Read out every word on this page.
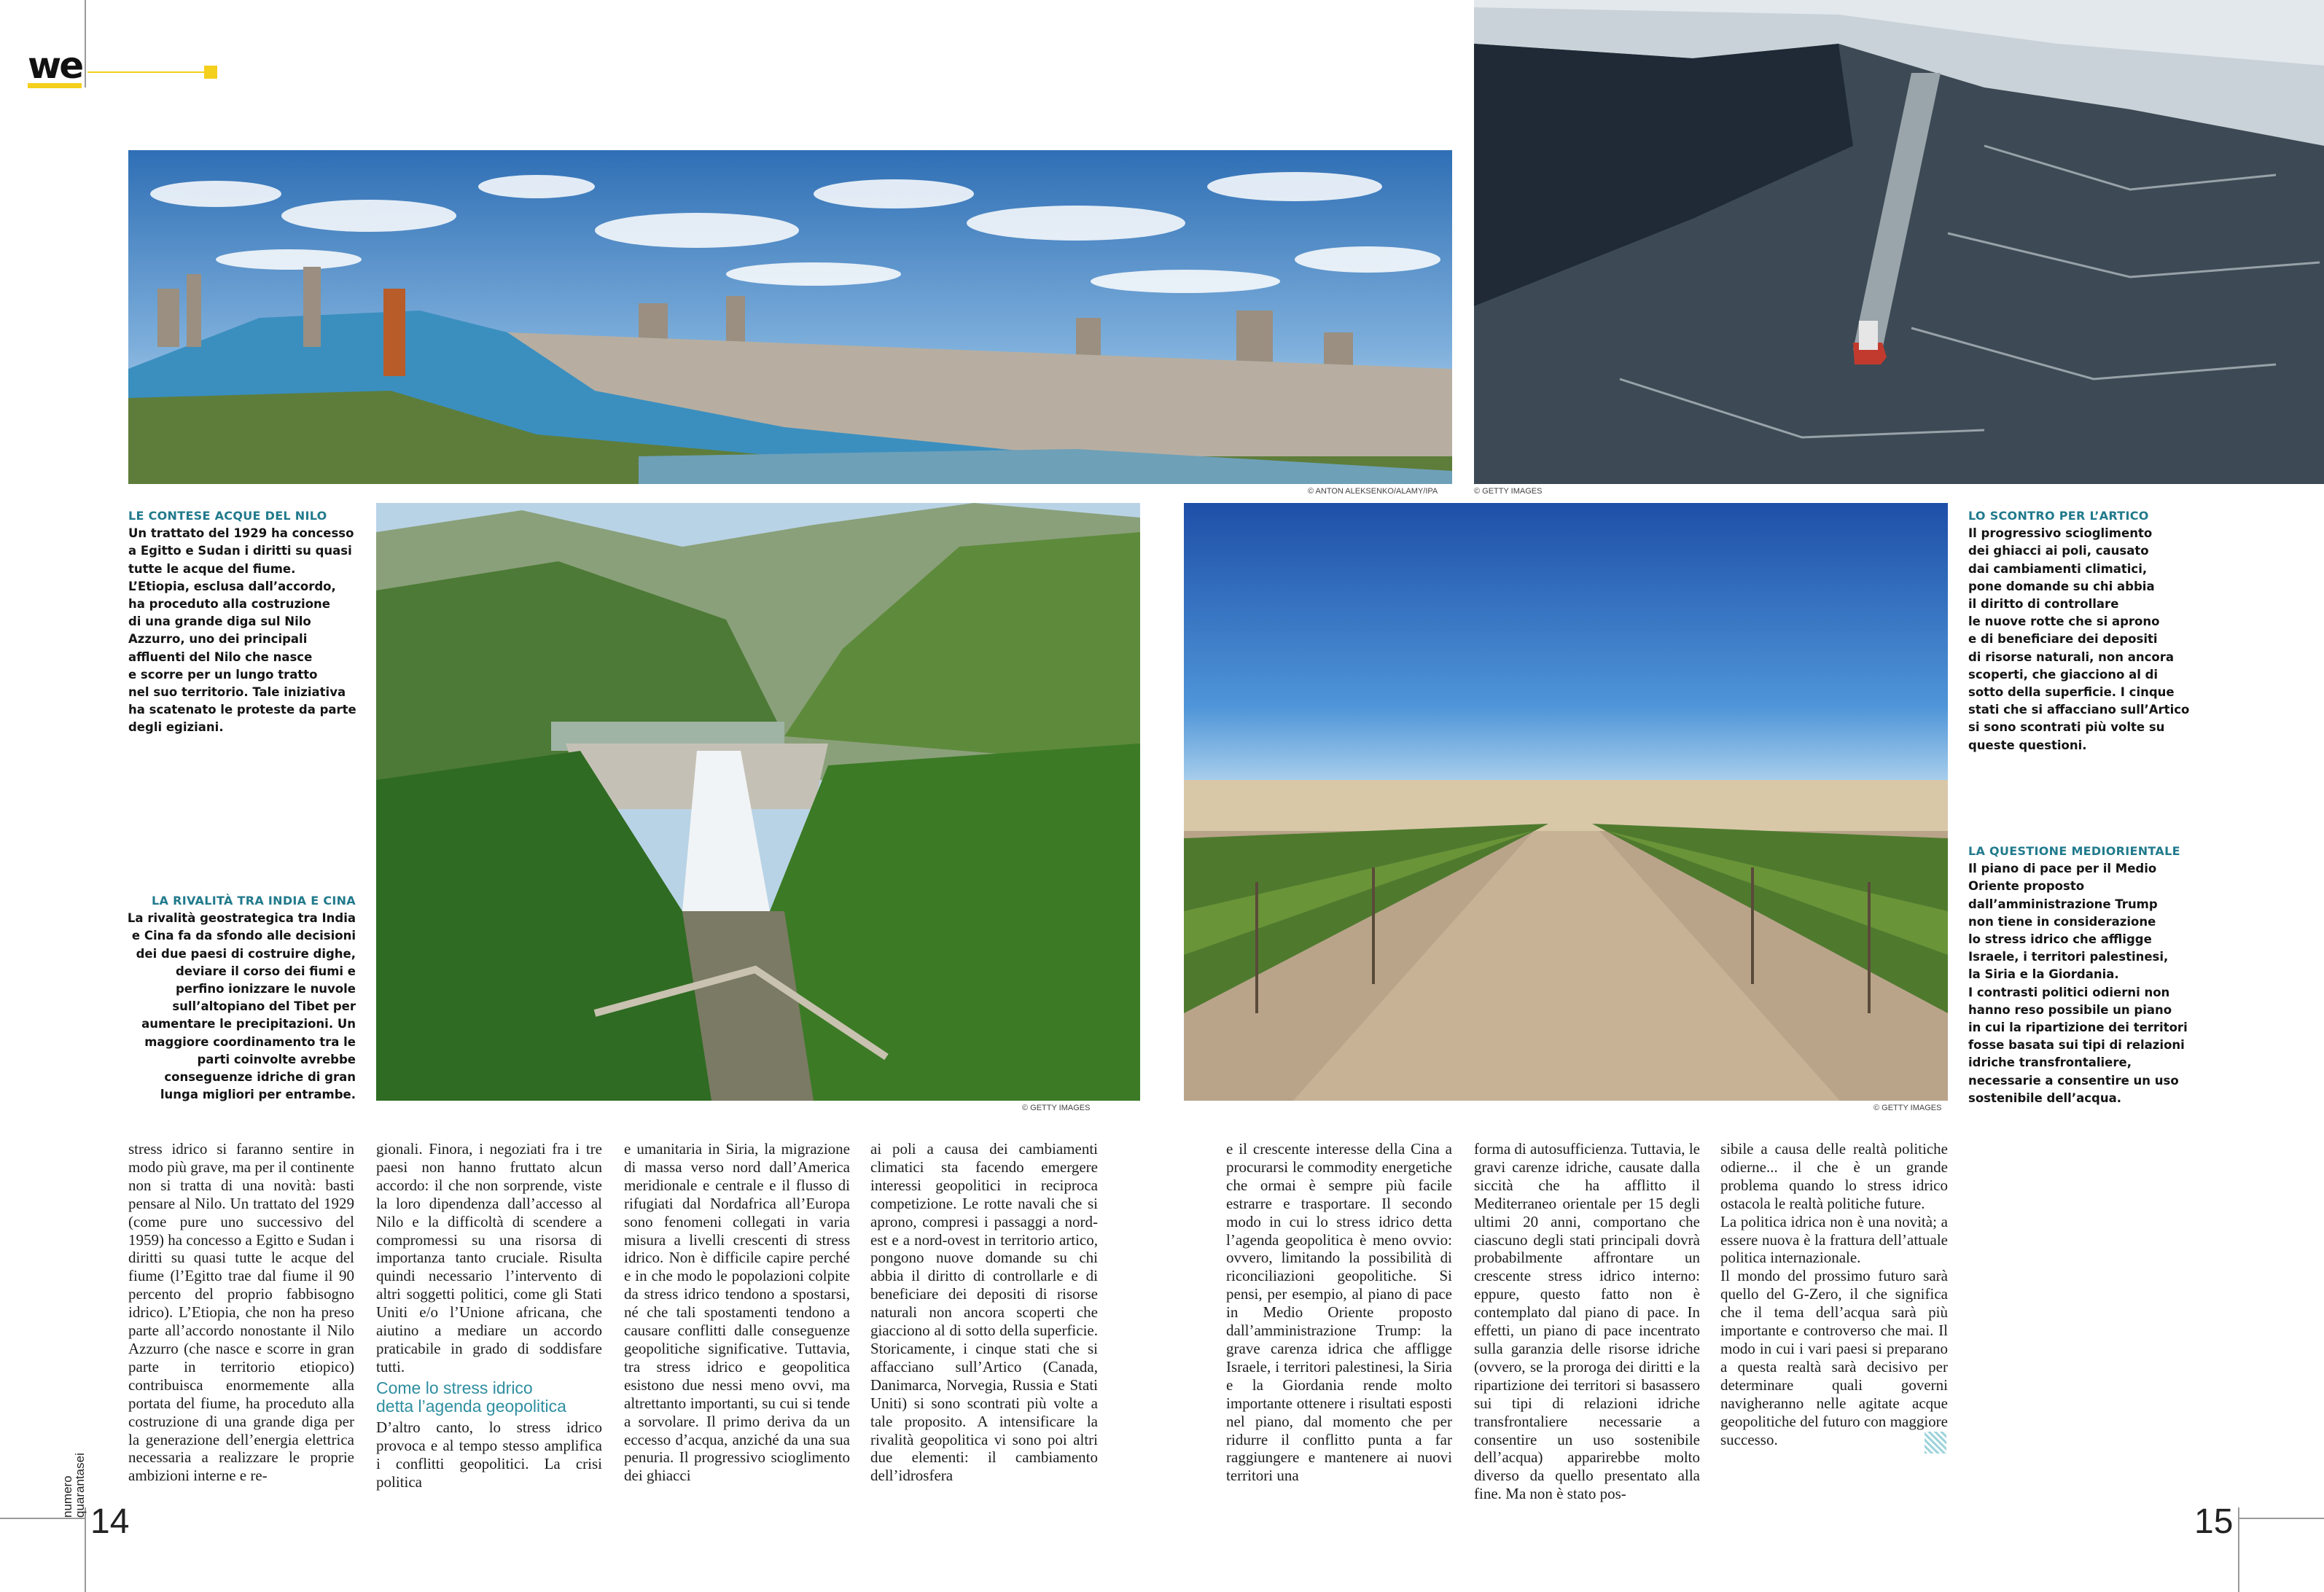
we
© ANTON ALEKSENKO/ALAMY/IPA	© GETTY IMAGES
© GETTY IMAGES	© GETTY IMAGES
LE CONTESE ACQUE DEL NILO

Un trattato del 1929 ha concesso

a Egitto e Sudan i diritti su quasi

tutte le acque del fiume.

L’Etiopia, esclusa dall’accordo,

ha proceduto alla costruzione

di una grande diga sul Nilo

Azzurro, uno dei principali

affluenti del Nilo che nasce

e scorre per un lungo tratto

nel suo territorio. Tale iniziativa

ha scatenato le proteste da parte

degli egiziani.

LA RIVALITÀ TRA INDIA E CINA

La rivalità geostrategica tra India

e Cina fa da sfondo alle decisioni

dei due paesi di costruire dighe,

deviare il corso dei fiumi e

perfino ionizzare le nuvole

sull’altopiano del Tibet per

aumentare le precipitazioni. Un

maggiore coordinamento tra le

parti coinvolte avrebbe

conseguenze idriche di gran

lunga migliori per entrambe.

LO SCONTRO PER L’ARTICO

Il progressivo scioglimento

dei ghiacci ai poli, causato

dai cambiamenti climatici,

pone domande su chi abbia

il diritto di controllare

le nuove rotte che si aprono

e di beneficiare dei depositi

di risorse naturali, non ancora

scoperti, che giacciono al di

sotto della superficie. I cinque

stati che si affacciano sull’Artico

si sono scontrati più volte su

queste questioni.

LA QUESTIONE MEDIORIENTALE

Il piano di pace per il Medio

Oriente proposto

dall’amministrazione Trump

non tiene in considerazione

lo stress idrico che affligge

Israele, i territori palestinesi,

la Siria e la Giordania.

I contrasti politici odierni non

hanno reso possibile un piano

in cui la ripartizione dei territori

fosse basata sui tipi di relazioni

idriche transfrontaliere,

necessarie a consentire un uso

sostenibile dell’acqua.

stress idrico si faranno sentire in modo più grave, ma per il continente non si tratta di una novità: basti pensare al Nilo. Un trattato del 1929 (come pure uno successivo del 1959) ha concesso a Egitto e Sudan i diritti su quasi tutte le acque del fiume (l’Egitto trae dal fiume il 90 percento del proprio fabbisogno idrico). L’Etiopia, che non ha preso parte all’accordo nonostante il Nilo Azzurro (che nasce e scorre in gran parte in territorio etiopico) contribuisca enormemente alla portata del fiume, ha proceduto alla costruzione di una grande diga per la generazione dell’energia elettrica necessaria a realizzare le proprie ambizioni interne e re-

gionali. Finora, i negoziati fra i tre paesi non hanno fruttato alcun accordo: il che non sorprende, viste la loro dipendenza dall’accesso al Nilo e la difficoltà di scendere a compromessi su una risorsa di importanza tanto cruciale. Risulta quindi necessario l’intervento di altri soggetti politici, come gli Stati Uniti e/o l’Unione africana, che aiutino a mediare un accordo praticabile in grado di soddisfare tutti.

Come lo stress idrico
detta l’agenda geopolitica

D’altro canto, lo stress idrico provoca e al tempo stesso amplifica i conflitti geopolitici. La crisi politica

e umanitaria in Siria, la migrazione di massa verso nord dall’America meridionale e centrale e il flusso di rifugiati dal Nordafrica all’Europa sono fenomeni collegati in varia misura a livelli crescenti di stress idrico. Non è difficile capire perché e in che modo le popolazioni colpite da stress idrico tendono a spostarsi, né che tali spostamenti tendono a causare conflitti dalle conseguenze geopolitiche significative. Tuttavia, tra stress idrico e geopolitica esistono due nessi meno ovvi, ma altrettanto importanti, su cui si tende a sorvolare. Il primo deriva da un eccesso d’acqua, anziché da una sua penuria. Il progressivo scioglimento dei ghiacci

ai poli a causa dei cambiamenti climatici sta facendo emergere interessi geopolitici in reciproca competizione. Le rotte navali che si aprono, compresi i passaggi a nord-est e a nord-ovest in territorio artico, pongono nuove domande su chi abbia il diritto di controllarle e di beneficiare dei depositi di risorse naturali non ancora scoperti che giacciono al di sotto della superficie. Storicamente, i cinque stati che si affacciano sull’Artico (Canada, Danimarca, Norvegia, Russia e Stati Uniti) si sono scontrati più volte a tale proposito. A intensificare la rivalità geopolitica vi sono poi altri due elementi: il cambiamento dell’idrosfera

e il crescente interesse della Cina a procurarsi le commodity energetiche che ormai è sempre più facile estrarre e trasportare. Il secondo modo in cui lo stress idrico detta l’agenda geopolitica è meno ovvio: ovvero, limitando la possibilità di riconciliazioni geopolitiche. Si pensi, per esempio, al piano di pace in Medio Oriente proposto dall’amministrazione Trump: la grave carenza idrica che affligge Israele, i territori palestinesi, la Siria e la Giordania rende molto importante ottenere i risultati esposti nel piano, dal momento che per ridurre il conflitto punta a far raggiungere e mantenere ai nuovi territori una

forma di autosufficienza. Tuttavia, le gravi carenze idriche, causate dalla siccità che ha afflitto il Mediterraneo orientale per 15 degli ultimi 20 anni, comportano che ciascuno degli stati principali dovrà probabilmente affrontare un crescente stress idrico interno: eppure, questo fatto non è contemplato dal piano di pace. In effetti, un piano di pace incentrato sulla garanzia delle risorse idriche (ovvero, se la proroga dei diritti e la ripartizione dei territori si basassero sui tipi di relazioni idriche transfrontaliere necessarie a consentire un uso sostenibile dell’acqua) apparirebbe molto diverso da quello presentato alla fine. Ma non è stato pos-

sibile a causa delle realtà politiche odierne... il che è un grande problema quando lo stress idrico ostacola le realtà politiche future.

La politica idrica non è una novità; a essere nuova è la frattura dell’attuale politica internazionale.

Il mondo del prossimo futuro sarà quello del G-Zero, il che significa che il tema dell’acqua sarà più importante e controverso che mai. Il modo in cui i vari paesi si preparano a questa realtà sarà decisivo per determinare quali governi navigheranno nelle agitate acque geopolitiche del futuro con maggiore successo.

numero
quarantasei
14	15
